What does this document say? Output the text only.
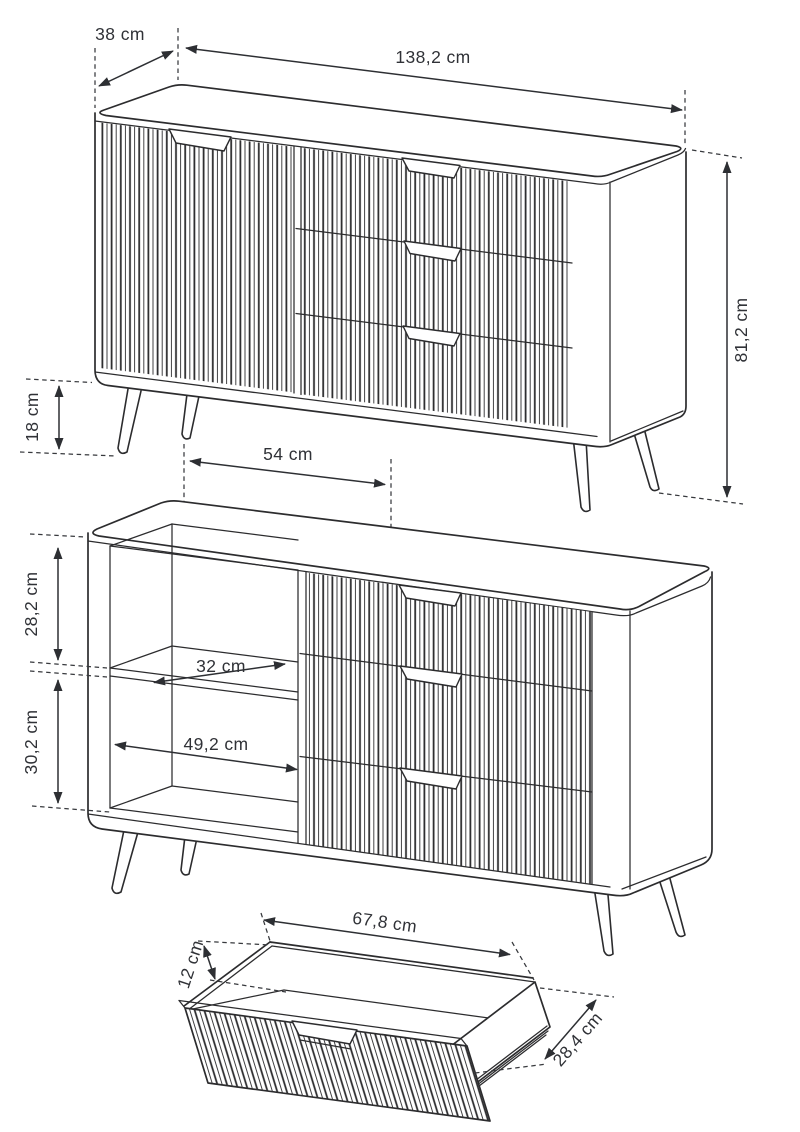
38 cm
138,2 cm
81,2 cm
18 cm
54 cm
28,2 cm
30,2 cm
32 cm
49,2 cm
67,8 cm
12 cm
28,4 cm
